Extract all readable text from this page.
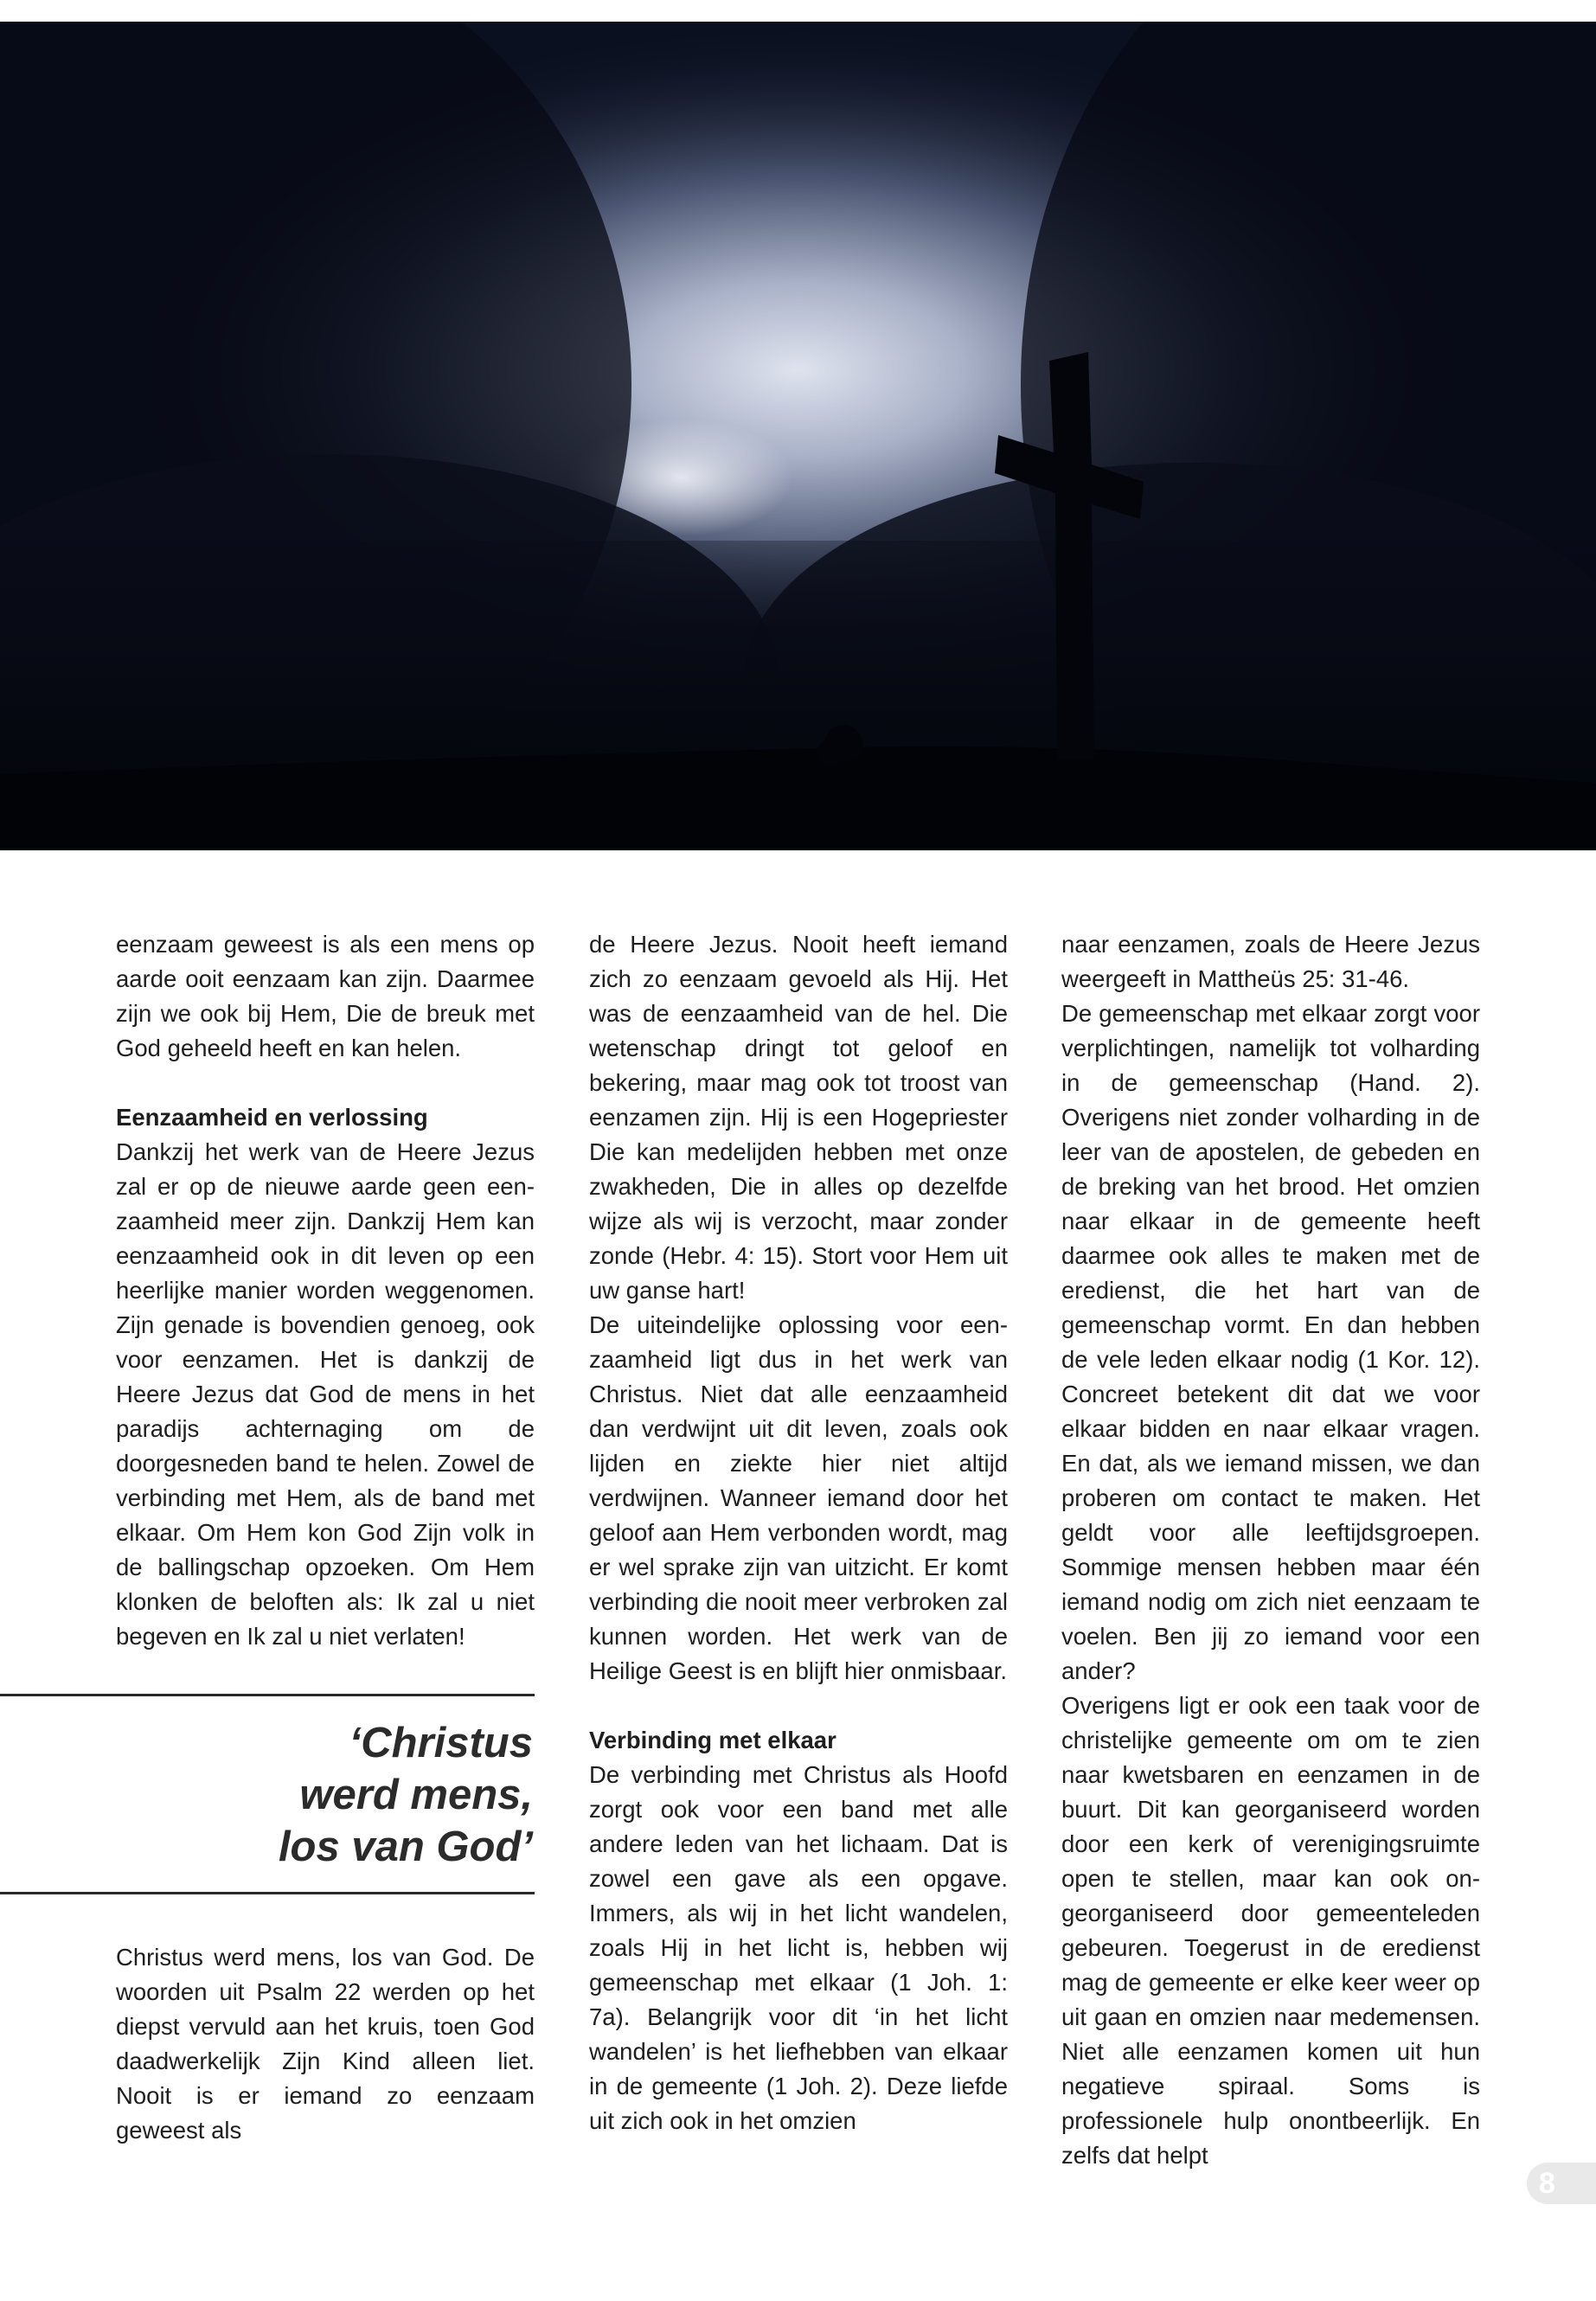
eenzaam geweest is als een mens op aarde ooit eenzaam kan zijn. Daarmee zijn we ook bij Hem, Die de breuk met God geheeld heeft en kan helen.

Eenzaamheid en verlossing

Dankzij het werk van de Heere Jezus zal er op de nieuwe aarde geen een-zaamheid meer zijn. Dankzij Hem kan eenzaamheid ook in dit leven op een heerlijke manier worden weggenomen. Zijn genade is bovendien genoeg, ook voor eenzamen. Het is dankzij de Heere Jezus dat God de mens in het paradijs achternaging om de doorgesneden band te helen. Zowel de verbinding met Hem, als de band met elkaar. Om Hem kon God Zijn volk in de ballingschap opzoeken. Om Hem klonken de beloften als: Ik zal u niet begeven en Ik zal u niet verlaten!

‘Christus
werd mens,
los van God’

Christus werd mens, los van God. De woorden uit Psalm 22 werden op het diepst vervuld aan het kruis, toen God daadwerkelijk Zijn Kind alleen liet. Nooit is er iemand zo eenzaam geweest als

de Heere Jezus. Nooit heeft iemand zich zo eenzaam gevoeld als Hij. Het was de eenzaamheid van de hel. Die wetenschap dringt tot geloof en bekering, maar mag ook tot troost van eenzamen zijn. Hij is een Hogepriester Die kan medelijden hebben met onze zwakheden, Die in alles op dezelfde wijze als wij is verzocht, maar zonder zonde (Hebr. 4: 15). Stort voor Hem uit uw ganse hart!

De uiteindelijke oplossing voor een-zaamheid ligt dus in het werk van Christus. Niet dat alle eenzaamheid dan verdwijnt uit dit leven, zoals ook lijden en ziekte hier niet altijd verdwijnen. Wanneer iemand door het geloof aan Hem verbonden wordt, mag er wel sprake zijn van uitzicht. Er komt verbinding die nooit meer verbroken zal kunnen worden. Het werk van de Heilige Geest is en blijft hier onmisbaar.

Verbinding met elkaar

De verbinding met Christus als Hoofd zorgt ook voor een band met alle andere leden van het lichaam. Dat is zowel een gave als een opgave. Immers, als wij in het licht wandelen, zoals Hij in het licht is, hebben wij gemeenschap met elkaar (1 Joh. 1: 7a). Belangrijk voor dit ‘in het licht wandelen’ is het liefhebben van elkaar in de gemeente (1 Joh. 2). Deze liefde uit zich ook in het omzien

naar eenzamen, zoals de Heere Jezus weergeeft in Mattheüs 25: 31-46.

De gemeenschap met elkaar zorgt voor verplichtingen, namelijk tot volharding in de gemeenschap (Hand. 2). Overigens niet zonder volharding in de leer van de apostelen, de gebeden en de breking van het brood. Het omzien naar elkaar in de gemeente heeft daarmee ook alles te maken met de eredienst, die het hart van de gemeenschap vormt. En dan hebben de vele leden elkaar nodig (1 Kor. 12). Concreet betekent dit dat we voor elkaar bidden en naar elkaar vragen. En dat, als we iemand missen, we dan proberen om contact te maken. Het geldt voor alle leeftijdsgroepen. Sommige mensen hebben maar één iemand nodig om zich niet eenzaam te voelen. Ben jij zo iemand voor een ander?

Overigens ligt er ook een taak voor de christelijke gemeente om om te zien naar kwetsbaren en eenzamen in de buurt. Dit kan georganiseerd worden door een kerk of verenigingsruimte open te stellen, maar kan ook on-georganiseerd door gemeenteleden gebeuren. Toegerust in de eredienst mag de gemeente er elke keer weer op uit gaan en omzien naar medemensen. Niet alle eenzamen komen uit hun negatieve spiraal. Soms is professionele hulp onontbeerlijk. En zelfs dat helpt

8
